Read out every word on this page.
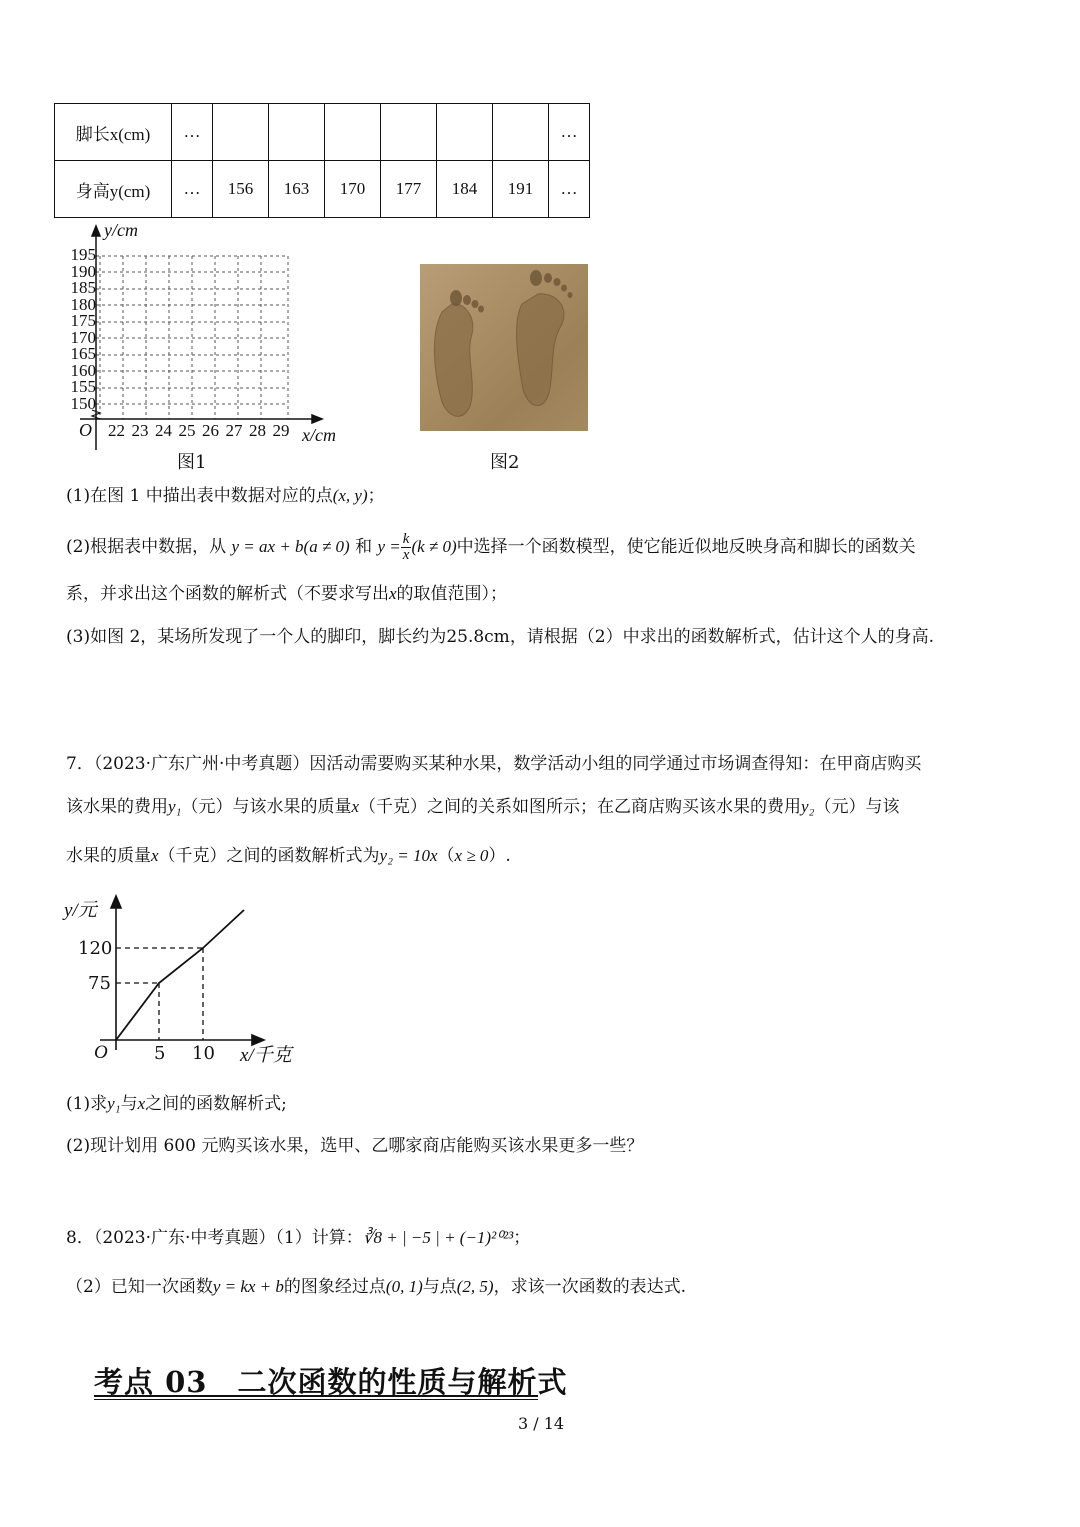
脚长x(cm)	…							…
身高y(cm)	…	156	163	170	177	184	191	…
y/cm
195
190
185
180
175
170
165
160
155
150
O 22 23 24 25 26 27 28 29 x/cm
图1	图2
(1)在图 1 中描出表中数据对应的点(x, y)；
(2)根据表中数据，从 y = ax + b(a ≠ 0) 和 $y = \frac{k}{x} (k \ne 0)$中选择一个函数模型，使它能近似地反映身高和脚长的函数关
系，并求出这个函数的解析式（不要求写出x的取值范围）；
(3)如图 2，某场所发现了一个人的脚印，脚长约为25.8cm，请根据（2）中求出的函数解析式，估计这个人的身高.
7．（2023·广东广州·中考真题）因活动需要购买某种水果，数学活动小组的同学通过市场调查得知：在甲商店购买
该水果的费用y₁（元）与该水果的质量x（千克）之间的关系如图所示；在乙商店购买该水果的费用y₂（元）与该
水果的质量x（千克）之间的函数解析式为y₂ = 10x（x ≥ 0）.
y/元
120
75
O	5 10 x/千克
(1)求y₁与x之间的函数解析式;
(2)现计划用 600 元购买该水果，选甲、乙哪家商店能购买该水果更多一些？
8．（2023·广东·中考真题）（1）计算：∛8 + | −5 | + (−1)²⁰²³；
（2）已知一次函数y = kx + b的图象经过点(0, 1)与点(2, 5)，求该一次函数的表达式.
考点 03　二次函数的性质与解析式
3 / 14
